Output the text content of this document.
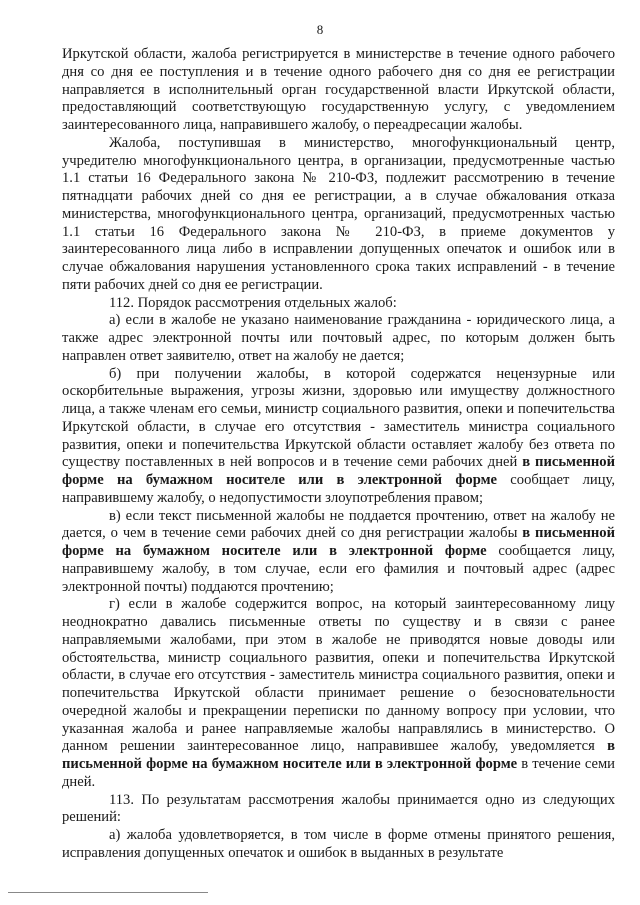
8

Иркутской области, жалоба регистрируется в министерстве в течение одного рабочего дня со дня ее поступления и в течение одного рабочего дня со дня ее регистрации направляется в исполнительный орган государственной власти Иркутской области, предоставляющий соответствующую государственную услугу, с уведомлением заинтересованного лица, направившего жалобу, о переадресации жалобы.

Жалоба, поступившая в министерство, многофункциональный центр, учредителю многофункционального центра, в организации, предусмотренные частью 1.1 статьи 16 Федерального закона № 210-ФЗ, подлежит рассмотрению в течение пятнадцати рабочих дней со дня ее регистрации, а в случае обжалования отказа министерства, многофункционального центра, организаций, предусмотренных частью 1.1 статьи 16 Федерального закона № 210-ФЗ, в приеме документов у заинтересованного лица либо в исправлении допущенных опечаток и ошибок или в случае обжалования нарушения установленного срока таких исправлений - в течение пяти рабочих дней со дня ее регистрации.

112. Порядок рассмотрения отдельных жалоб:

а) если в жалобе не указано наименование гражданина - юридического лица, а также адрес электронной почты или почтовый адрес, по которым должен быть направлен ответ заявителю, ответ на жалобу не дается;

б) при получении жалобы, в которой содержатся нецензурные или оскорбительные выражения, угрозы жизни, здоровью или имуществу должностного лица, а также членам его семьи, министр социального развития, опеки и попечительства Иркутской области, в случае его отсутствия - заместитель министра социального развития, опеки и попечительства Иркутской области оставляет жалобу без ответа по существу поставленных в ней вопросов и в течение семи рабочих дней в письменной форме на бумажном носителе или в электронной форме сообщает лицу, направившему жалобу, о недопустимости злоупотребления правом;

в) если текст письменной жалобы не поддается прочтению, ответ на жалобу не дается, о чем в течение семи рабочих дней со дня регистрации жалобы в письменной форме на бумажном носителе или в электронной форме сообщается лицу, направившему жалобу, в том случае, если его фамилия и почтовый адрес (адрес электронной почты) поддаются прочтению;

г) если в жалобе содержится вопрос, на который заинтересованному лицу неоднократно давались письменные ответы по существу и в связи с ранее направляемыми жалобами, при этом в жалобе не приводятся новые доводы или обстоятельства, министр социального развития, опеки и попечительства Иркутской области, в случае его отсутствия - заместитель министра социального развития, опеки и попечительства Иркутской области принимает решение о безосновательности очередной жалобы и прекращении переписки по данному вопросу при условии, что указанная жалоба и ранее направляемые жалобы направлялись в министерство. О данном решении заинтересованное лицо, направившее жалобу, уведомляется в письменной форме на бумажном носителе или в электронной форме в течение семи дней.

113. По результатам рассмотрения жалобы принимается одно из следующих решений:

а) жалоба удовлетворяется, в том числе в форме отмены принятого решения, исправления допущенных опечаток и ошибок в выданных в результате
